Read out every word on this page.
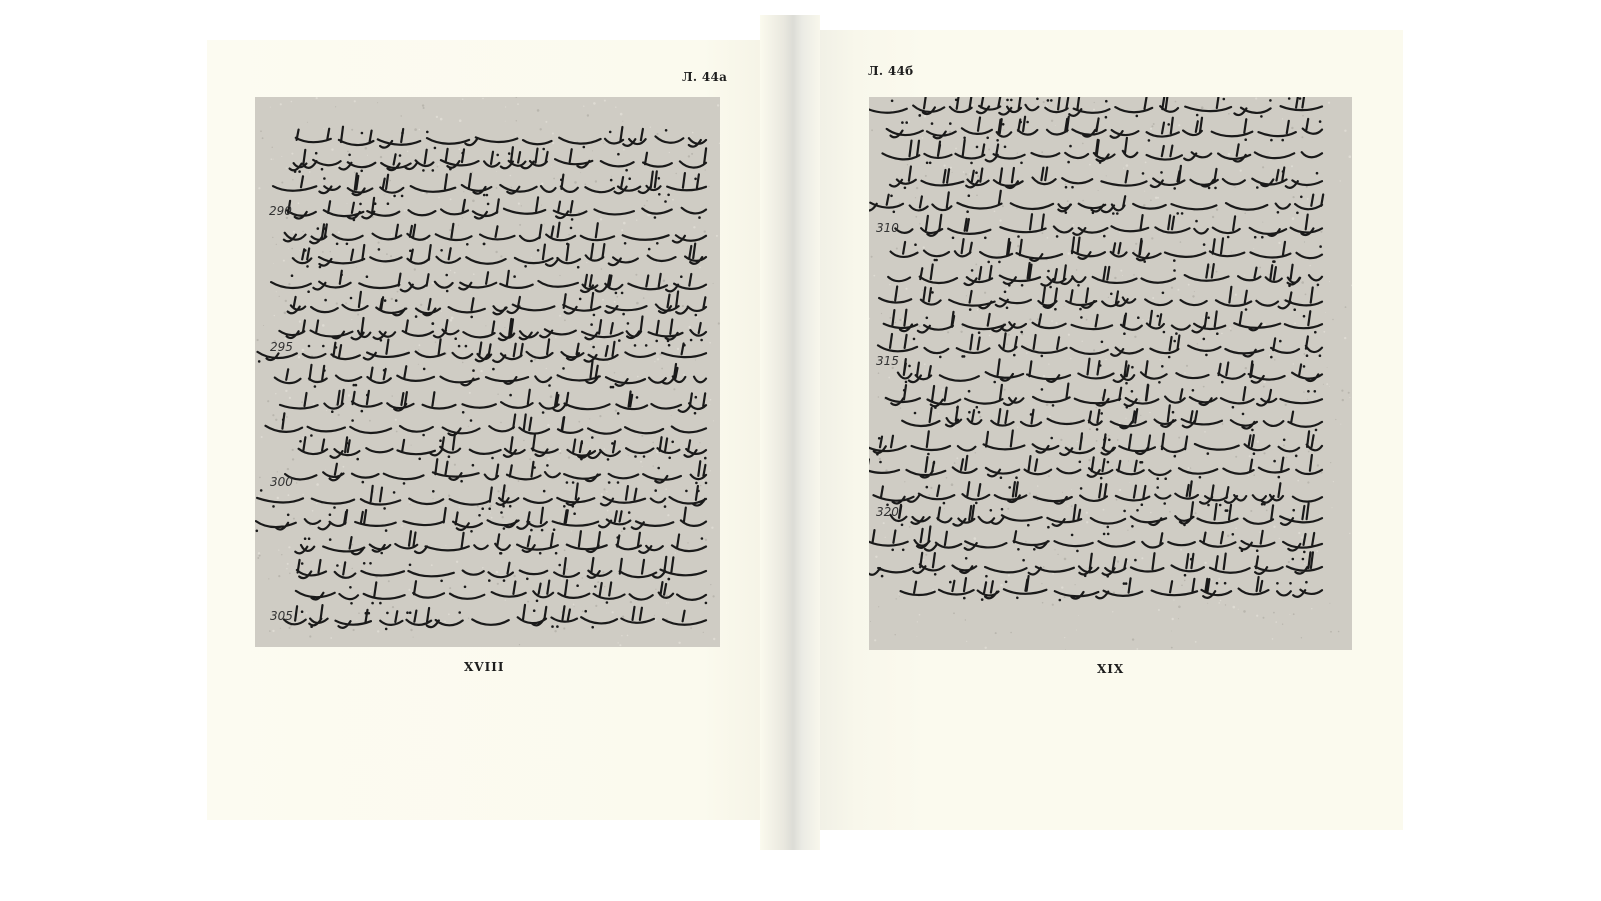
Л. 44а	Л. 44б
290
295
300
305
310
315
320
XVIII	XIX
